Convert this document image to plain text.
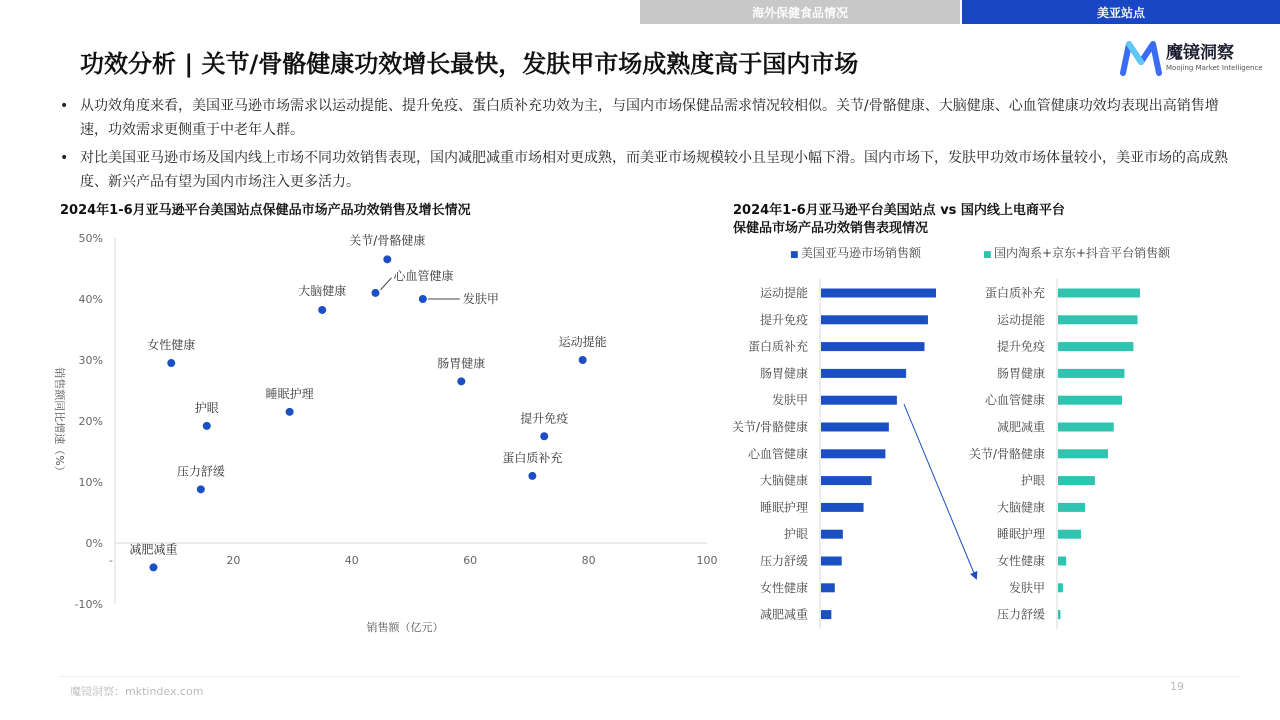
海外保健食品情况	美亚站点
功效分析 | 关节/骨骼健康功效增长最快，发肤甲市场成熟度高于国内市场	魔镜洞察
Moojing Market Intelligence
• 从功效角度来看，美国亚马逊市场需求以运动提能、提升免疫、蛋白质补充功效为主，与国内市场保健品需求情况较相似。关节/骨骼健康、大脑健康、心血管健康功效均表现出高销售增速，功效需求更侧重于中老年人群。
• 对比美国亚马逊市场及国内线上市场不同功效销售表现，国内减肥减重市场相对更成熟，而美亚市场规模较小且呈现小幅下滑。国内市场下，发肤甲功效市场体量较小，美亚市场的高成熟度、新兴产品有望为国内市场注入更多活力。
2024年1-6月亚马逊平台美国站点保健品市场产品功效销售及增长情况	2024年1-6月亚马逊平台美国站点 vs 国内线上电商平台
保健品市场产品功效销售表现情况
-10%
0%
10%
20%
30%
40%
50%
20	40	60	80	100
-
销售额（亿元）
销售额同比增速（%）
关节/骨骼健康
心血管健康
发肤甲
大脑健康
女性健康	运动提能
肠胃健康
睡眠护理
护眼
提升免疫
蛋白质补充
压力舒缓
减肥减重
■ 美国亚马逊市场销售额	■ 国内淘系+京东+抖音平台销售额
运动提能
提升免疫
蛋白质补充
肠胃健康
发肤甲
关节/骨骼健康
心血管健康
大脑健康
睡眠护理
护眼
压力舒缓
女性健康
减肥减重
蛋白质补充
运动提能
提升免疫
肠胃健康
心血管健康
减肥减重
关节/骨骼健康
护眼
大脑健康
睡眠护理
女性健康
发肤甲
压力舒缓
魔镜洞察：mktindex.com	19
